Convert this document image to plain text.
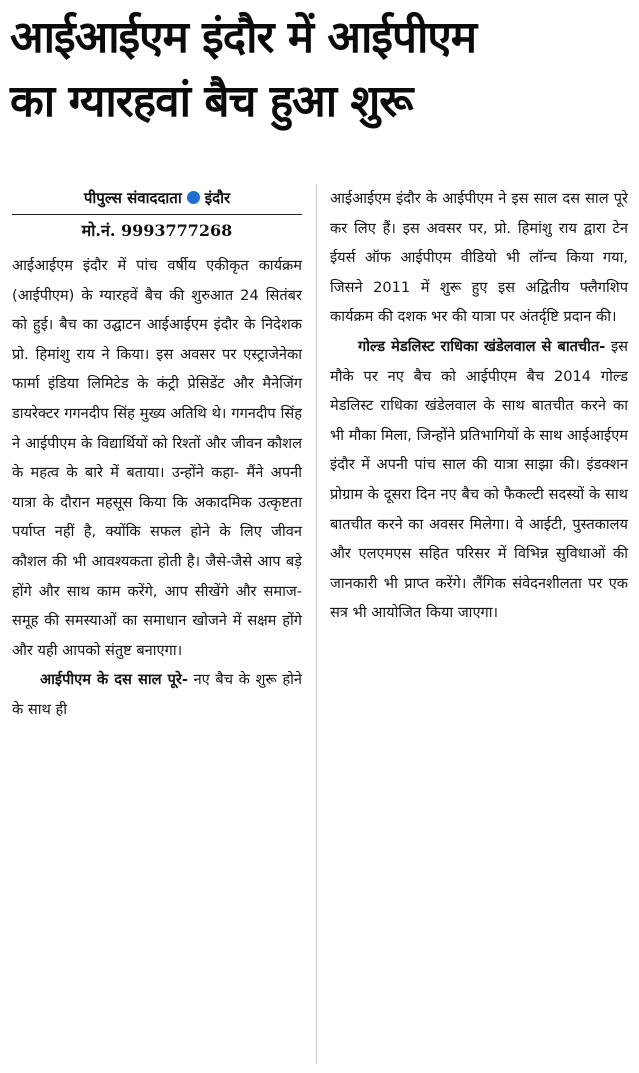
आईआईएम इंदौर में आईपीएम
का ग्यारहवां बैच हुआ शुरू
पीपुल्स संवाददाता इंदौर
मो.नं. 9993777268

आईआईएम इंदौर में पांच वर्षीय एकीकृत कार्यक्रम (आईपीएम) के ग्यारहवें बैच की शुरुआत 24 सितंबर को हुई। बैच का उद्घाटन आईआईएम इंदौर के निदेशक प्रो. हिमांशु राय ने किया। इस अवसर पर एस्ट्राजेनेका फार्मा इंडिया लिमिटेड के कंट्री प्रेसिडेंट और मैनेजिंग डायरेक्टर गगनदीप सिंह मुख्य अतिथि थे। गगनदीप सिंह ने आईपीएम के विद्यार्थियों को रिश्तों और जीवन कौशल के महत्व के बारे में बताया। उन्होंने कहा- मैंने अपनी यात्रा के दौरान महसूस किया कि अकादमिक उत्कृष्टता पर्याप्त नहीं है, क्योंकि सफल होने के लिए जीवन कौशल की भी आवश्यकता होती है। जैसे-जैसे आप बड़े होंगे और साथ काम करेंगे, आप सीखेंगे और समाज-समूह की समस्याओं का समाधान खोजने में सक्षम होंगे और यही आपको संतुष्ट बनाएगा।

आईपीएम के दस साल पूरे- नए बैच के शुरू होने के साथ ही

आईआईएम इंदौर के आईपीएम ने इस साल दस साल पूरे कर लिए हैं। इस अवसर पर, प्रो. हिमांशु राय द्वारा टेन ईयर्स ऑफ आईपीएम वीडियो भी लॉन्च किया गया, जिसने 2011 में शुरू हुए इस अद्वितीय फ्लैगशिप कार्यक्रम की दशक भर की यात्रा पर अंतर्दृष्टि प्रदान की।

गोल्ड मेडलिस्ट राधिका खंडेलवाल से बातचीत- इस मौके पर नए बैच को आईपीएम बैच 2014 गोल्ड मेडलिस्ट राधिका खंडेलवाल के साथ बातचीत करने का भी मौका मिला, जिन्होंने प्रतिभागियों के साथ आईआईएम इंदौर में अपनी पांच साल की यात्रा साझा की। इंडक्शन प्रोग्राम के दूसरा दिन नए बैच को फैकल्टी सदस्यों के साथ बातचीत करने का अवसर मिलेगा। वे आईटी, पुस्तकालय और एलएमएस सहित परिसर में विभिन्न सुविधाओं की जानकारी भी प्राप्त करेंगे। लैंगिक संवेदनशीलता पर एक सत्र भी आयोजित किया जाएगा।
